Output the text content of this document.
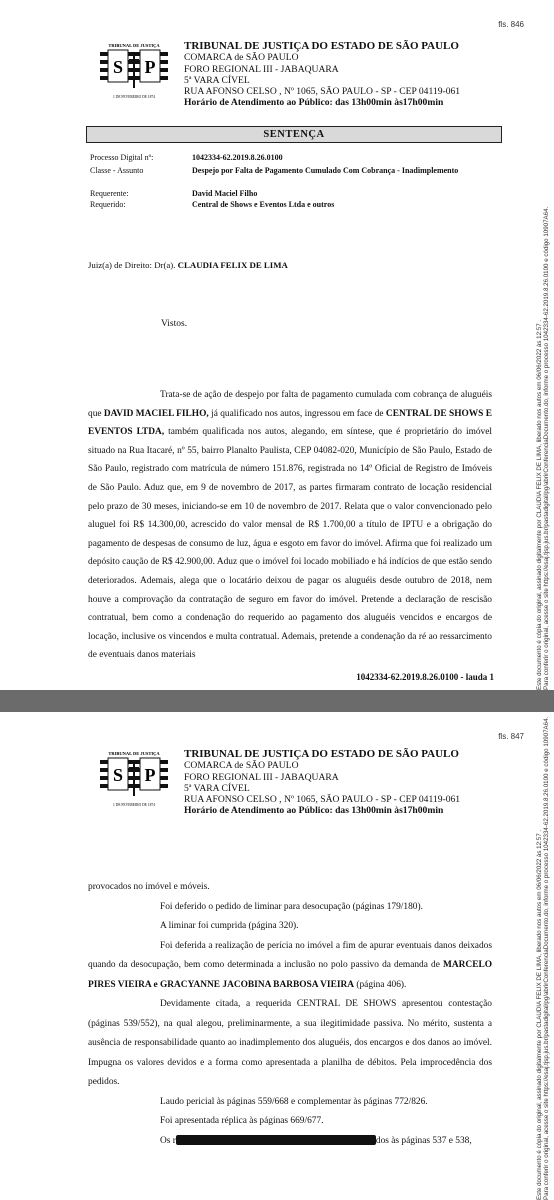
fls. 846
TRIBUNAL DE JUSTIÇA
S P
1 DE FEVEREIRO DE 1874
TRIBUNAL DE JUSTIÇA DO ESTADO DE SÃO PAULO
COMARCA de SÃO PAULO
FORO REGIONAL III - JABAQUARA
5ª VARA CÍVEL
RUA AFONSO CELSO , Nº 1065, SÃO PAULO - SP - CEP 04119-061
Horário de Atendimento ao Público: das 13h00min às17h00min
SENTENÇA
Processo Digital nº:	1042334-62.2019.8.26.0100
Classe - Assunto	Despejo por Falta de Pagamento Cumulado Com Cobrança - Inadimplemento
Requerente:	David Maciel Filho
Requerido:	Central de Shows e Eventos Ltda e outros
Juiz(a) de Direito: Dr(a). CLAUDIA FELIX DE LIMA
Vistos.

Trata-se de ação de despejo por falta de pagamento cumulada com cobrança de aluguéis que DAVID MACIEL FILHO, já qualificado nos autos, ingressou em face de CENTRAL DE SHOWS E EVENTOS LTDA, também qualificada nos autos, alegando, em síntese, que é proprietário do imóvel situado na Rua Itacaré, nº 55, bairro Planalto Paulista, CEP 04082-020, Município de São Paulo, Estado de São Paulo, registrado com matrícula de número 151.876, registrada no 14º Oficial de Registro de Imóveis de São Paulo. Aduz que, em 9 de novembro de 2017, as partes firmaram contrato de locação residencial pelo prazo de 30 meses, iniciando-se em 10 de novembro de 2017. Relata que o valor convencionado pelo aluguel foi R$ 14.300,00, acrescido do valor mensal de R$ 1.700,00 a título de IPTU e a obrigação do pagamento de despesas de consumo de luz, água e esgoto em favor do imóvel. Afirma que foi realizado um depósito caução de R$ 42.900,00. Aduz que o imóvel foi locado mobiliado e há indícios de que estão sendo deteriorados. Ademais, alega que o locatário deixou de pagar os aluguéis desde outubro de 2018, nem houve a comprovação da contratação de seguro em favor do imóvel. Pretende a declaração de rescisão contratual, bem como a condenação do requerido ao pagamento dos aluguéis vencidos e encargos de locação, inclusive os vincendos e multa contratual. Ademais, pretende a condenação da ré ao ressarcimento de eventuais danos materiais

1042334-62.2019.8.26.0100 - lauda 1	Este documento é cópia do original, assinado digitalmente por CLAUDIA FELIX DE LIMA, liberado nos autos em 06/06/2022 às 12:57 . Para conferir o original, acesse o site https://esaj.tjsp.jus.br/pastadigital/pg/abrirConferenciaDocumento.do, informe o processo 1042334-62.2019.8.26.0100 e código 10907A64.
fls. 847
TRIBUNAL DE JUSTIÇA
S P
1 DE FEVEREIRO DE 1874
TRIBUNAL DE JUSTIÇA DO ESTADO DE SÃO PAULO
COMARCA de SÃO PAULO
FORO REGIONAL III - JABAQUARA
5ª VARA CÍVEL
RUA AFONSO CELSO , Nº 1065, SÃO PAULO - SP - CEP 04119-061
Horário de Atendimento ao Público: das 13h00min às17h00min
Este documento é cópia do original, assinado digitalmente por CLAUDIA FELIX DE LIMA, liberado nos autos em 06/06/2022 às 12:57 . Para conferir o original, acesse o site https://esaj.tjsp.jus.br/pastadigital/pg/abrirConferenciaDocumento.do, informe o processo 1042334-62.2019.8.26.0100 e código 10907A64.

provocados no imóvel e móveis.

Foi deferido o pedido de liminar para desocupação (páginas 179/180).

A liminar foi cumprida (página 320).

Foi deferida a realização de perícia no imóvel a fim de apurar eventuais danos deixados quando da desocupação, bem como determinada a inclusão no polo passivo da demanda de MARCELO PIRES VIEIRA e GRACYANNE JACOBINA BARBOSA VIEIRA (página 406).

Devidamente citada, a requerida CENTRAL DE SHOWS apresentou contestação (páginas 539/552), na qual alegou, preliminarmente, a sua ilegitimidade passiva. No mérito, sustenta a ausência de responsabilidade quanto ao inadimplemento dos aluguéis, dos encargos e dos danos ao imóvel. Impugna os valores devidos e a forma como apresentada a planilha de débitos. Pela improcedência dos pedidos.

Laudo pericial às páginas 559/668 e complementar às páginas 772/826.

Foi apresentada réplica às páginas 669/677.

Os r	dos às páginas 537 e 538,
